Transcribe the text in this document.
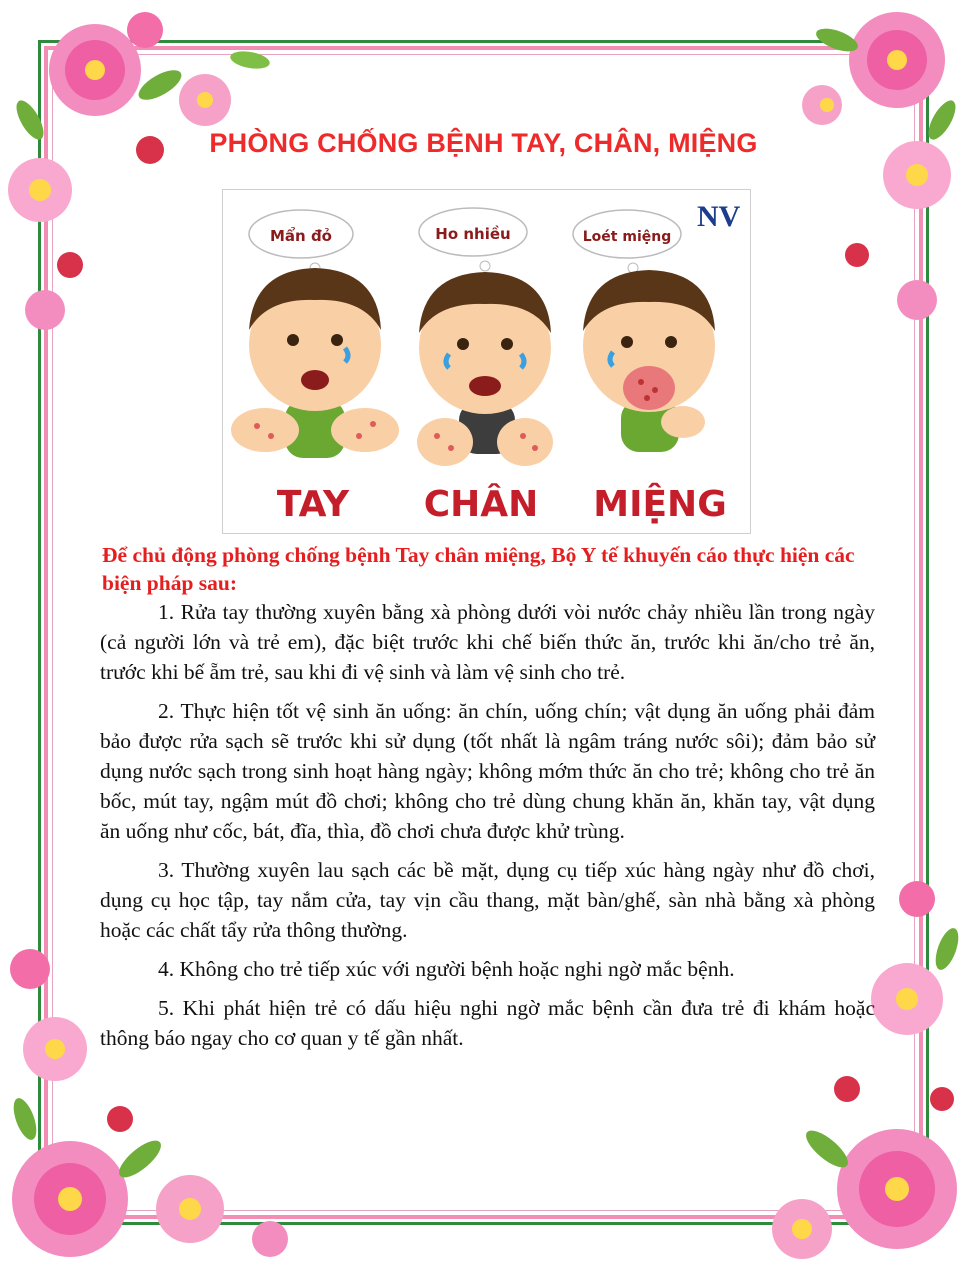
PHÒNG CHỐNG BỆNH TAY, CHÂN, MIỆNG
NV
Mẩn đỏ	Ho nhiều	Loét miệng
TAY CHÂN MIỆNG
Để chủ động phòng chống bệnh Tay chân miệng, Bộ Y tế khuyến cáo thực hiện các biện pháp sau:

1. Rửa tay thường xuyên bằng xà phòng dưới vòi nước chảy nhiều lần trong ngày (cả người lớn và trẻ em), đặc biệt trước khi chế biến thức ăn, trước khi ăn/cho trẻ ăn, trước khi bế ẵm trẻ, sau khi đi vệ sinh và làm vệ sinh cho trẻ.

2. Thực hiện tốt vệ sinh ăn uống: ăn chín, uống chín; vật dụng ăn uống phải đảm bảo được rửa sạch sẽ trước khi sử dụng (tốt nhất là ngâm tráng nước sôi); đảm bảo sử dụng nước sạch trong sinh hoạt hàng ngày; không mớm thức ăn cho trẻ; không cho trẻ ăn bốc, mút tay, ngậm mút đồ chơi; không cho trẻ dùng chung khăn ăn, khăn tay, vật dụng ăn uống như cốc, bát, đĩa, thìa, đồ chơi chưa được khử trùng.

3. Thường xuyên lau sạch các bề mặt, dụng cụ tiếp xúc hàng ngày như đồ chơi, dụng cụ học tập, tay nắm cửa, tay vịn cầu thang, mặt bàn/ghế, sàn nhà bằng xà phòng hoặc các chất tẩy rửa thông thường.

4. Không cho trẻ tiếp xúc với người bệnh hoặc nghi ngờ mắc bệnh.

5. Khi phát hiện trẻ có dấu hiệu nghi ngờ mắc bệnh cần đưa trẻ đi khám hoặc thông báo ngay cho cơ quan y tế gần nhất.
